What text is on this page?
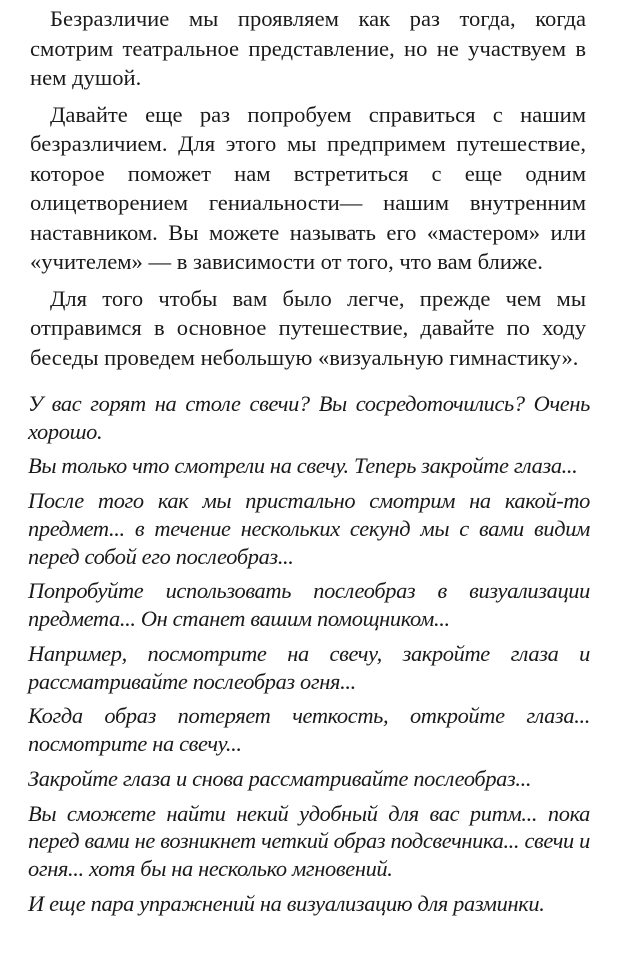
Безразличие мы проявляем как раз тогда, когда смотрим театральное представление, но не участвуем в нем душой.

Давайте еще раз попробуем справиться с нашим безразличием. Для этого мы предпримем путешествие, которое поможет нам встретиться с еще одним олицетворением гениальности— нашим внутренним наставником. Вы можете называть его «мастером» или «учителем» — в зависимости от того, что вам ближе.

Для того чтобы вам было легче, прежде чем мы отправимся в основное путешествие, давайте по ходу беседы проведем небольшую «визуальную гимнастику».

У вас горят на столе свечи? Вы сосредоточились? Очень хорошо.

Вы только что смотрели на свечу. Теперь закройте глаза...

После того как мы пристально смотрим на какой-то предмет... в течение нескольких секунд мы с вами видим перед собой его послеобраз...

Попробуйте использовать послеобраз в визуализации предмета... Он станет вашим помощником...

Например, посмотрите на свечу, закройте глаза и рассматривайте послеобраз огня...

Когда образ потеряет четкость, откройте глаза... посмотрите на свечу...

Закройте глаза и снова рассматривайте послеобраз...

Вы сможете найти некий удобный для вас ритм... пока перед вами не возникнет четкий образ подсвечника... свечи и огня... хотя бы на несколько мгновений.

И еще пара упражнений на визуализацию для разминки.
